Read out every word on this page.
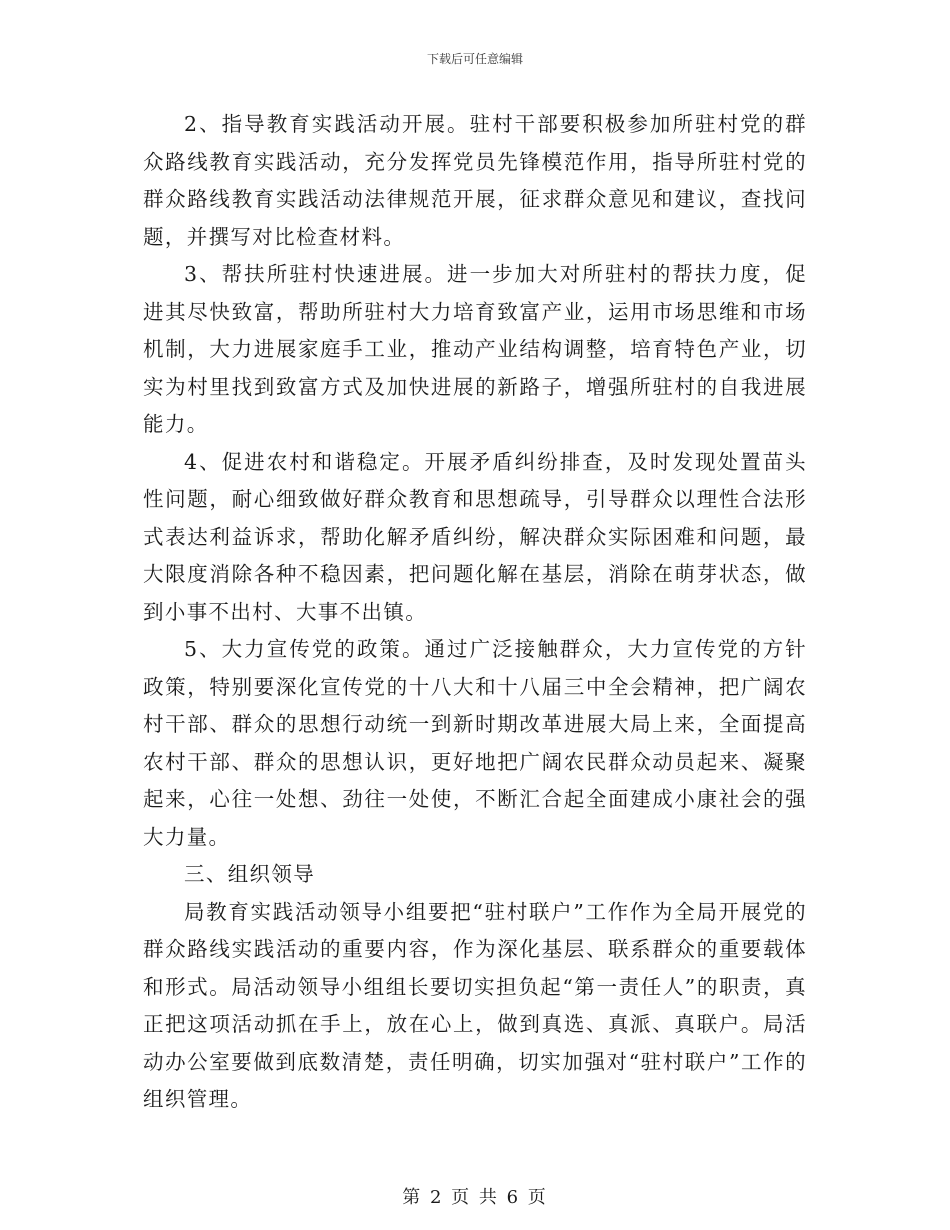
下载后可任意编辑

2、指导教育实践活动开展。驻村干部要积极参加所驻村党的群众路线教育实践活动，充分发挥党员先锋模范作用，指导所驻村党的群众路线教育实践活动法律规范开展，征求群众意见和建议，查找问题，并撰写对比检查材料。

3、帮扶所驻村快速进展。进一步加大对所驻村的帮扶力度，促进其尽快致富，帮助所驻村大力培育致富产业，运用市场思维和市场机制，大力进展家庭手工业，推动产业结构调整，培育特色产业，切实为村里找到致富方式及加快进展的新路子，增强所驻村的自我进展能力。

4、促进农村和谐稳定。开展矛盾纠纷排查，及时发现处置苗头性问题，耐心细致做好群众教育和思想疏导，引导群众以理性合法形式表达利益诉求，帮助化解矛盾纠纷，解决群众实际困难和问题，最大限度消除各种不稳因素，把问题化解在基层，消除在萌芽状态，做到小事不出村、大事不出镇。

5、大力宣传党的政策。通过广泛接触群众，大力宣传党的方针政策，特别要深化宣传党的十八大和十八届三中全会精神，把广阔农村干部、群众的思想行动统一到新时期改革进展大局上来，全面提高农村干部、群众的思想认识，更好地把广阔农民群众动员起来、凝聚起来，心往一处想、劲往一处使，不断汇合起全面建成小康社会的强大力量。

三、组织领导

局教育实践活动领导小组要把“驻村联户”工作作为全局开展党的群众路线实践活动的重要内容，作为深化基层、联系群众的重要载体和形式。局活动领导小组组长要切实担负起“第一责任人”的职责，真正把这项活动抓在手上，放在心上，做到真选、真派、真联户。局活动办公室要做到底数清楚，责任明确，切实加强对“驻村联户”工作的组织管理。

第 2 页 共 6 页
